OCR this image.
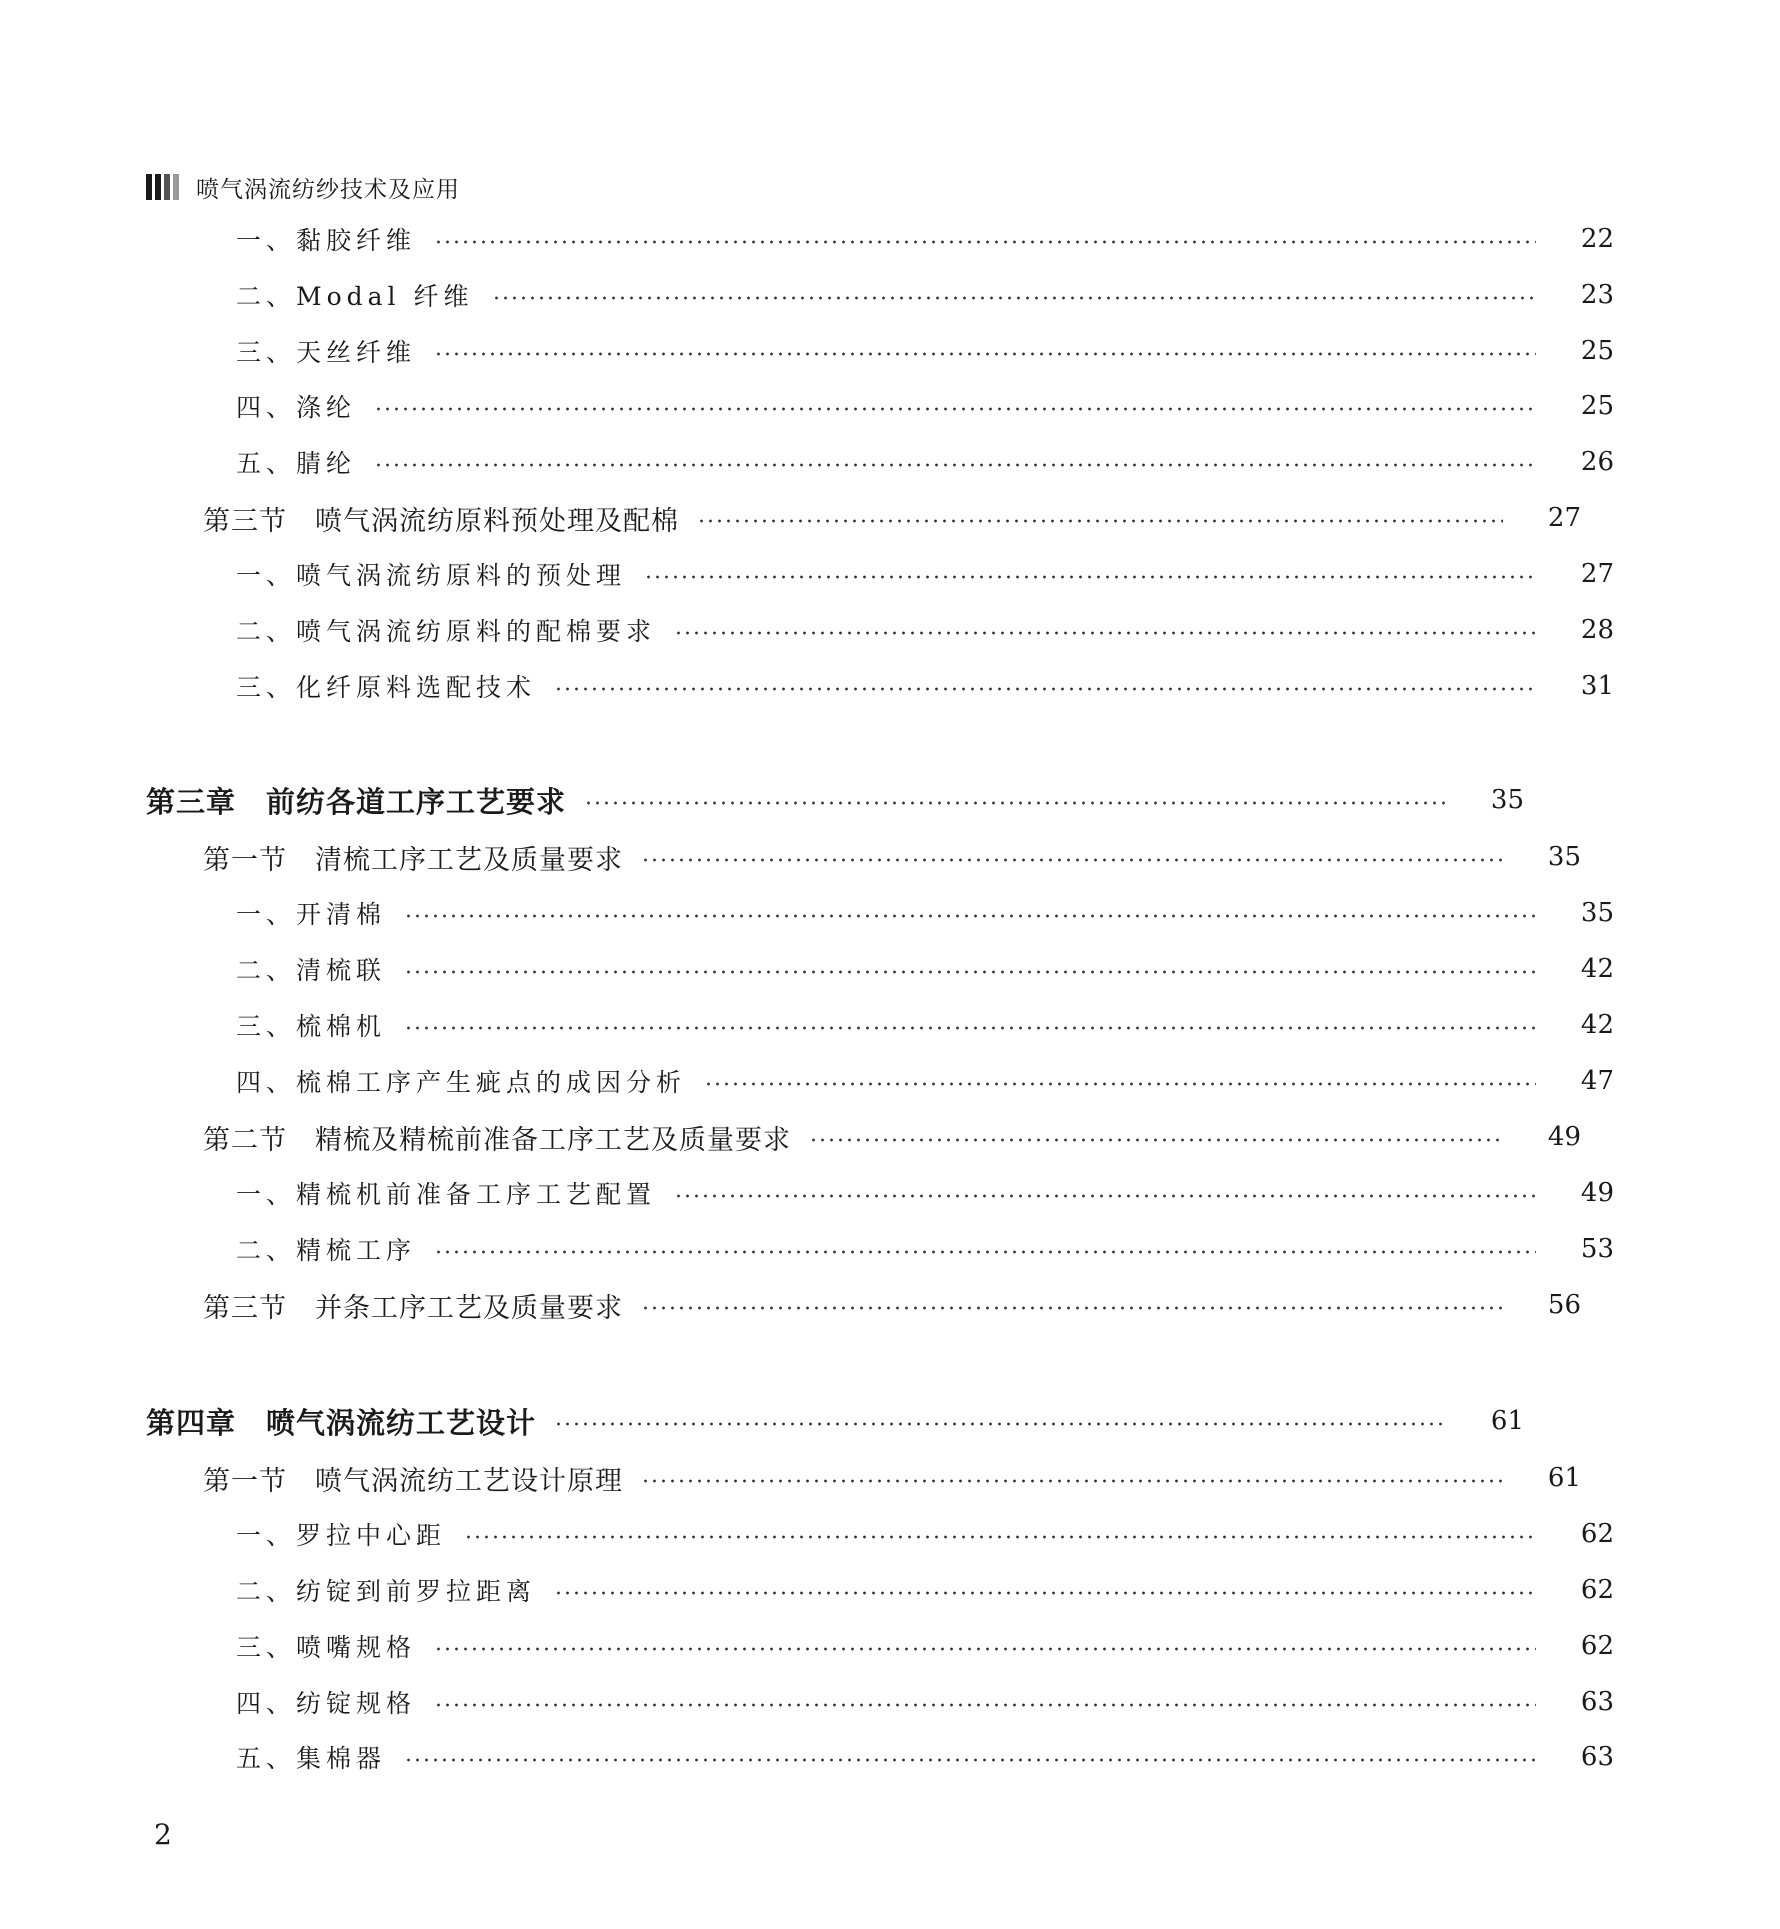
喷气涡流纺纱技术及应用
一、黏胶纤维	22
二、Modal 纤维	23
三、天丝纤维	25
四、涤纶	25
五、腈纶	26
第三节　喷气涡流纺原料预处理及配棉	27
一、喷气涡流纺原料的预处理	27
二、喷气涡流纺原料的配棉要求	28
三、化纤原料选配技术	31
第三章　前纺各道工序工艺要求	35
第一节　清梳工序工艺及质量要求	35
一、开清棉	35
二、清梳联	42
三、梳棉机	42
四、梳棉工序产生疵点的成因分析	47
第二节　精梳及精梳前准备工序工艺及质量要求	49
一、精梳机前准备工序工艺配置	49
二、精梳工序	53
第三节　并条工序工艺及质量要求	56
第四章　喷气涡流纺工艺设计	61
第一节　喷气涡流纺工艺设计原理	61
一、罗拉中心距	62
二、纺锭到前罗拉距离	62
三、喷嘴规格	62
四、纺锭规格	63
五、集棉器	63
2
